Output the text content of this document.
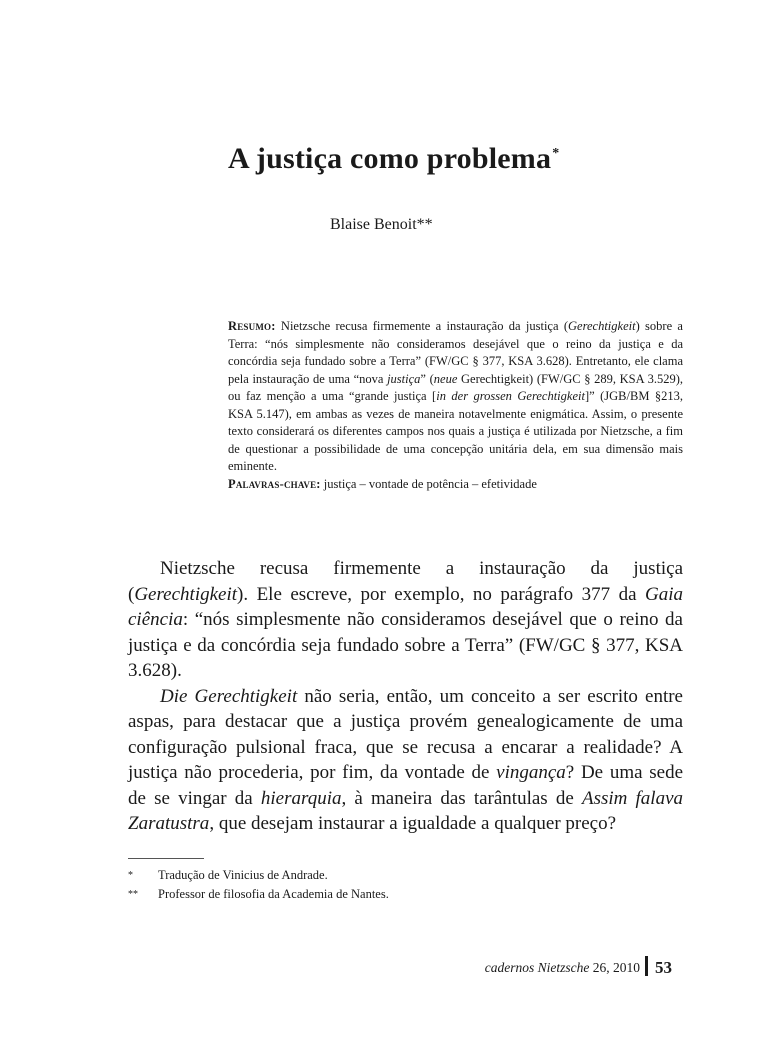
A justiça como problema*
Blaise Benoit**

Resumo: Nietzsche recusa firmemente a instauração da justiça (Gerechtigkeit) sobre a Terra: “nós simplesmente não consideramos desejável que o reino da justiça e da concórdia seja fundado sobre a Terra” (FW/GC § 377, KSA 3.628). Entretanto, ele clama pela instauração de uma “nova justiça” (neue Gerechtigkeit) (FW/GC § 289, KSA 3.529), ou faz menção a uma “grande justiça [in der grossen Gerechtigkeit]” (JGB/BM §213, KSA 5.147), em ambas as vezes de maneira notavelmente enigmática. Assim, o presente texto considerará os diferentes campos nos quais a justiça é utilizada por Nietzsche, a fim de questionar a possibilidade de uma concepção unitária dela, em sua dimensão mais eminente.

Palavras-chave: justiça – vontade de potência – efetividade

Nietzsche recusa firmemente a instauração da justiça (Gerechtigkeit). Ele escreve, por exemplo, no parágrafo 377 da Gaia ciência: “nós simplesmente não consideramos desejável que o reino da justiça e da concórdia seja fundado sobre a Terra” (FW/GC § 377, KSA 3.628).

Die Gerechtigkeit não seria, então, um conceito a ser escrito entre aspas, para destacar que a justiça provém genealogicamente de uma configuração pulsional fraca, que se recusa a encarar a realidade? A justiça não procederia, por fim, da vontade de vingança? De uma sede de se vingar da hierarquia, à maneira das tarântulas de Assim falava Zaratustra, que desejam instaurar a igualdade a qualquer preço?

*	Tradução de Vinicius de Andrade.
**	Professor de filosofia da Academia de Nantes.
cadernos Nietzsche 26, 2010 53
